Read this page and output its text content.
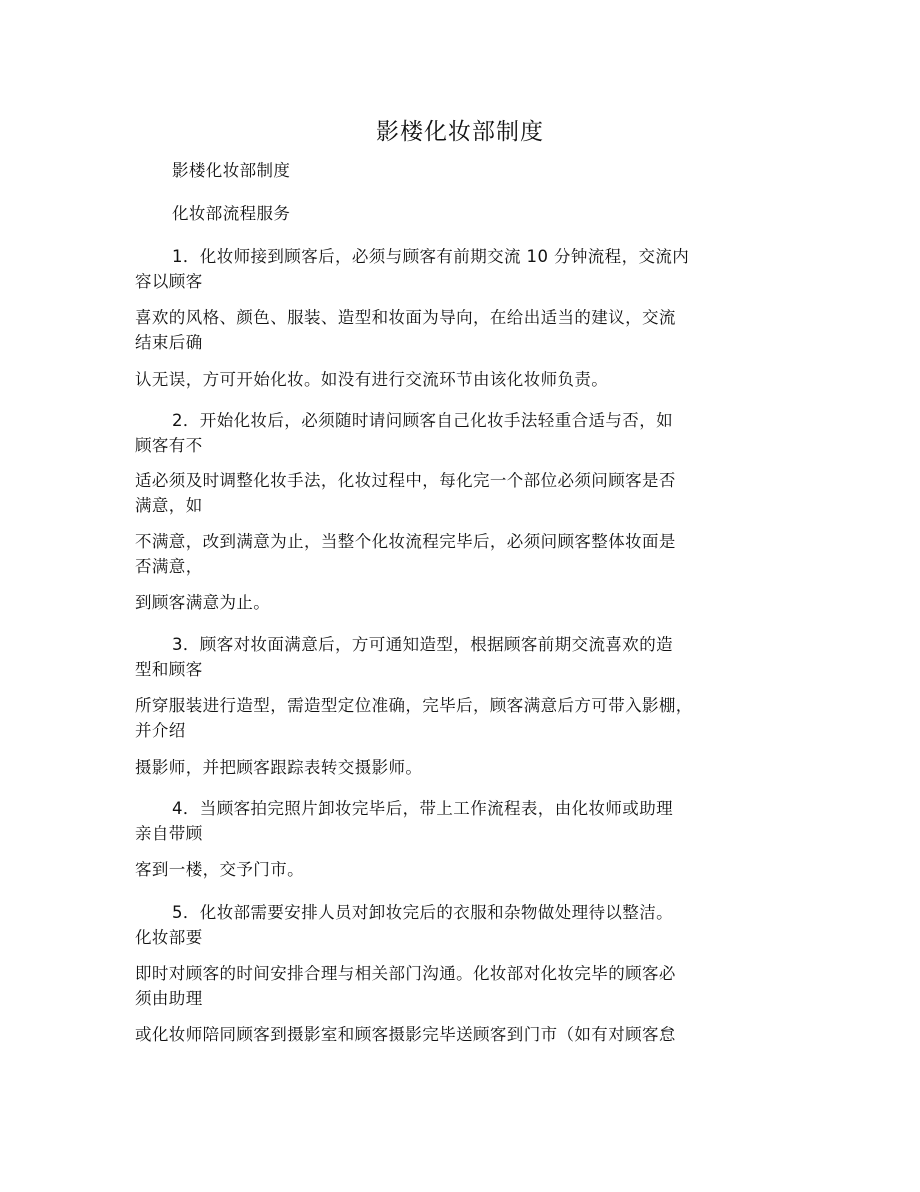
影楼化妆部制度
影楼化妆部制度
化妆部流程服务
1．化妆师接到顾客后，必须与顾客有前期交流 10 分钟流程，交流内
容以顾客
喜欢的风格、颜色、服装、造型和妆面为导向，在给出适当的建议，交流
结束后确
认无误，方可开始化妆。如没有进行交流环节由该化妆师负责。
2．开始化妆后，必须随时请问顾客自己化妆手法轻重合适与否，如
顾客有不
适必须及时调整化妆手法，化妆过程中，每化完一个部位必须问顾客是否
满意，如
不满意，改到满意为止，当整个化妆流程完毕后，必须问顾客整体妆面是
否满意，
到顾客满意为止。
3．顾客对妆面满意后，方可通知造型，根据顾客前期交流喜欢的造
型和顾客
所穿服装进行造型，需造型定位准确，完毕后，顾客满意后方可带入影棚，
并介绍
摄影师，并把顾客跟踪表转交摄影师。
4．当顾客拍完照片卸妆完毕后，带上工作流程表，由化妆师或助理
亲自带顾
客到一楼，交予门市。
5．化妆部需要安排人员对卸妆完后的衣服和杂物做处理待以整洁。
化妆部要
即时对顾客的时间安排合理与相关部门沟通。化妆部对化妆完毕的顾客必
须由助理
或化妆师陪同顾客到摄影室和顾客摄影完毕送顾客到门市（如有对顾客怠
